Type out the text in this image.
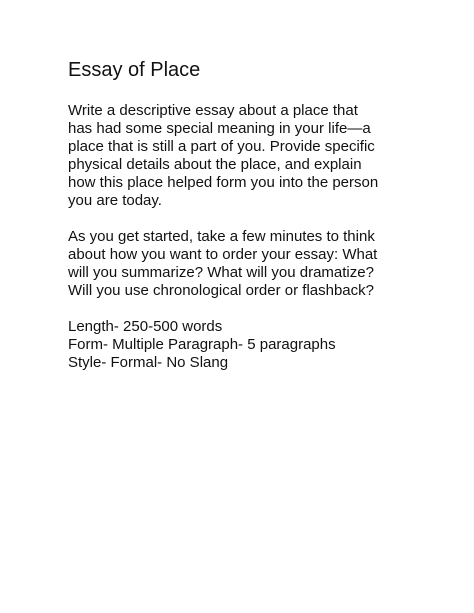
Essay of Place

Write a descriptive essay about a place that
has had some special meaning in your life—a
place that is still a part of you. Provide specific
physical details about the place, and explain
how this place helped form you into the person
you are today.

As you get started, take a few minutes to think
about how you want to order your essay: What
will you summarize? What will you dramatize?
Will you use chronological order or flashback?

Length- 250-500 words
Form- Multiple Paragraph- 5 paragraphs
Style- Formal- No Slang
